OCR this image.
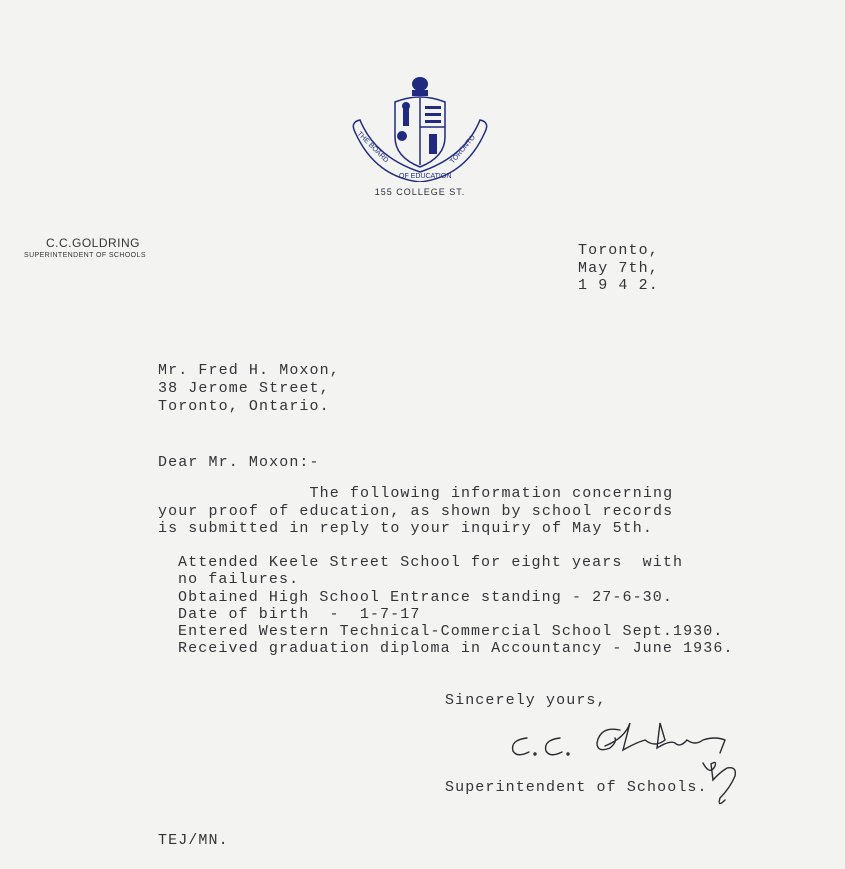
THE BOARD
OF EDUCATION
TORONTO
155 COLLEGE ST.
C.C.GOLDRING
SUPERINTENDENT OF SCHOOLS	Toronto,
May 7th,
1 9 4 2.
Mr. Fred H. Moxon,
38 Jerome Street,
Toronto, Ontario.
Dear Mr. Moxon:-
The following information concerning
your proof of education, as shown by school records
is submitted in reply to your inquiry of May 5th.
Attended Keele Street School for eight years  with
no failures.
Obtained High School Entrance standing - 27-6-30.
Date of birth  -  1-7-17
Entered Western Technical-Commercial School Sept.1930.
Received graduation diploma in Accountancy - June 1936.
Sincerely yours,
Superintendent of Schools.
TEJ/MN.
